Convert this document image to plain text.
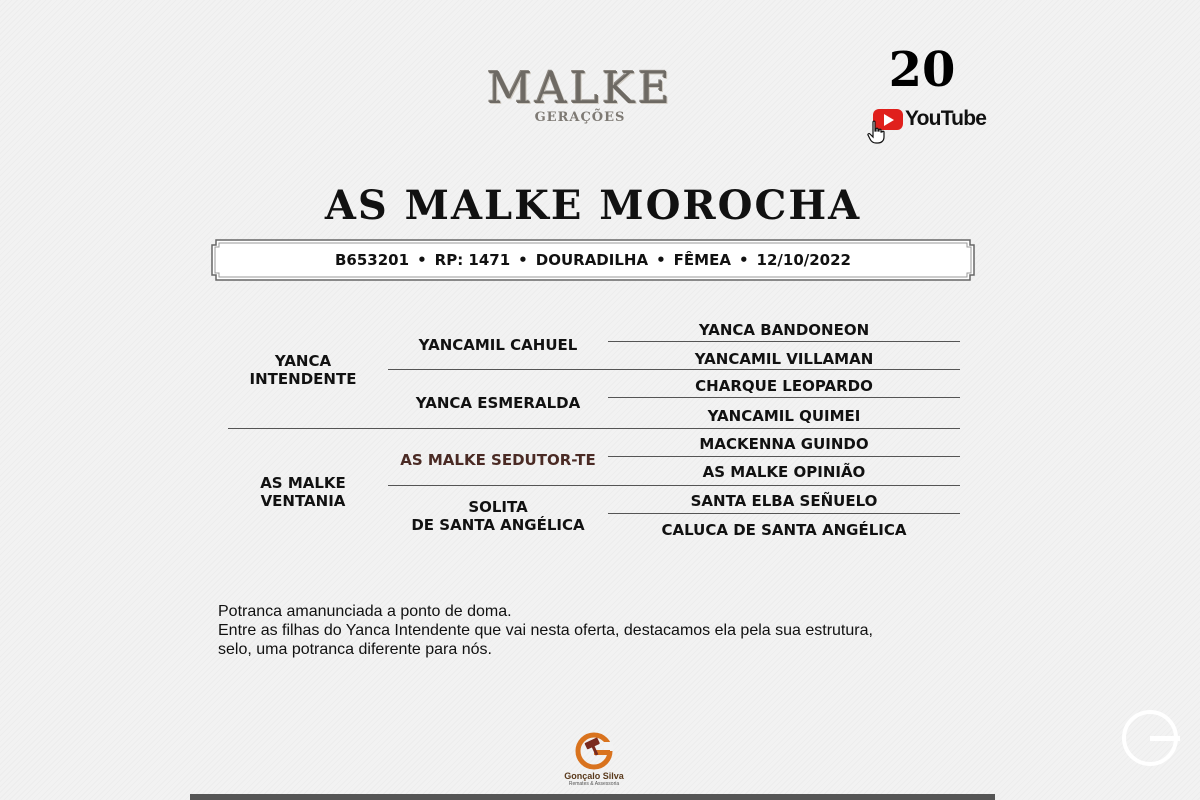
MALKE
GERAÇÕES
20
YouTube
AS MALKE MOROCHA
B653201 • RP: 1471 • DOURADILHA • FÊMEA • 12/10/2022
YANCA
INTENDENTE
AS MALKE
VENTANIA
YANCAMIL CAHUEL
YANCA ESMERALDA
AS MALKE SEDUTOR-TE
SOLITA
DE SANTA ANGÉLICA
YANCA BANDONEON
YANCAMIL VILLAMAN
CHARQUE LEOPARDO
YANCAMIL QUIMEI
MACKENNA GUINDO
AS MALKE OPINIÃO
SANTA ELBA SEÑUELO
CALUCA DE SANTA ANGÉLICA

Potranca amanunciada a ponto de doma.

Entre as filhas do Yanca Intendente que vai nesta oferta, destacamos ela pela sua estrutura,

selo, uma potranca diferente para nós.

Gonçalo Silva
Remates & Assessoria
